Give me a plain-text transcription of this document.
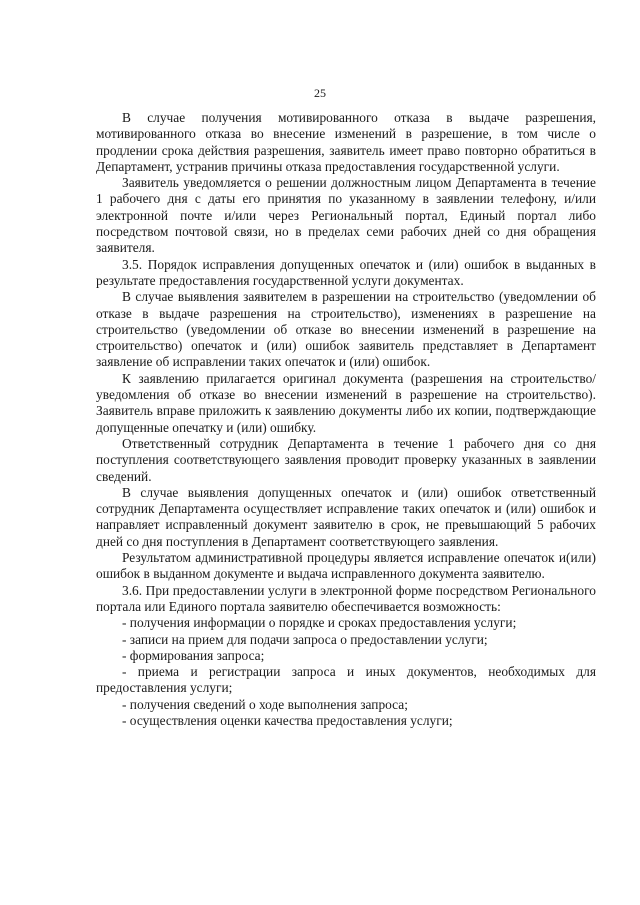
25

В случае получения мотивированного отказа в выдаче разрешения, мотивированного отказа во внесение изменений в разрешение, в том числе о продлении срока действия разрешения, заявитель имеет право повторно обратиться в Департамент, устранив причины отказа предоставления государственной услуги.

Заявитель уведомляется о решении должностным лицом Департамента в течение 1 рабочего дня с даты его принятия по указанному в заявлении телефону, и/или электронной почте и/или через Региональный портал, Единый портал либо посредством почтовой связи, но в пределах семи рабочих дней со дня обращения заявителя.

3.5. Порядок исправления допущенных опечаток и (или) ошибок в выданных в результате предоставления государственной услуги документах.

В случае выявления заявителем в разрешении на строительство (уведомлении об отказе в выдаче разрешения на строительство), изменениях в разрешение на строительство (уведомлении об отказе во внесении изменений в разрешение на строительство) опечаток и (или) ошибок заявитель представляет в Департамент заявление об исправлении таких опечаток и (или) ошибок.

К заявлению прилагается оригинал документа (разрешения на строительство/ уведомления об отказе во внесении изменений в разрешение на строительство). Заявитель вправе приложить к заявлению документы либо их копии, подтверждающие допущенные опечатку и (или) ошибку.

Ответственный сотрудник Департамента в течение 1 рабочего дня со дня поступления соответствующего заявления проводит проверку указанных в заявлении сведений.

В случае выявления допущенных опечаток и (или) ошибок ответственный сотрудник Департамента осуществляет исправление таких опечаток и (или) ошибок и направляет исправленный документ заявителю в срок, не превышающий 5 рабочих дней со дня поступления в Департамент соответствующего заявления.

Результатом административной процедуры является исправление опечаток и(или) ошибок в выданном документе и выдача исправленного документа заявителю.

3.6. При предоставлении услуги в электронной форме посредством Регионального портала или Единого портала заявителю обеспечивается возможность:

- получения информации о порядке и сроках предоставления услуги;

- записи на прием для подачи запроса о предоставлении услуги;

- формирования запроса;

- приема и регистрации запроса и иных документов, необходимых для предоставления услуги;

- получения сведений о ходе выполнения запроса;

- осуществления оценки качества предоставления услуги;
